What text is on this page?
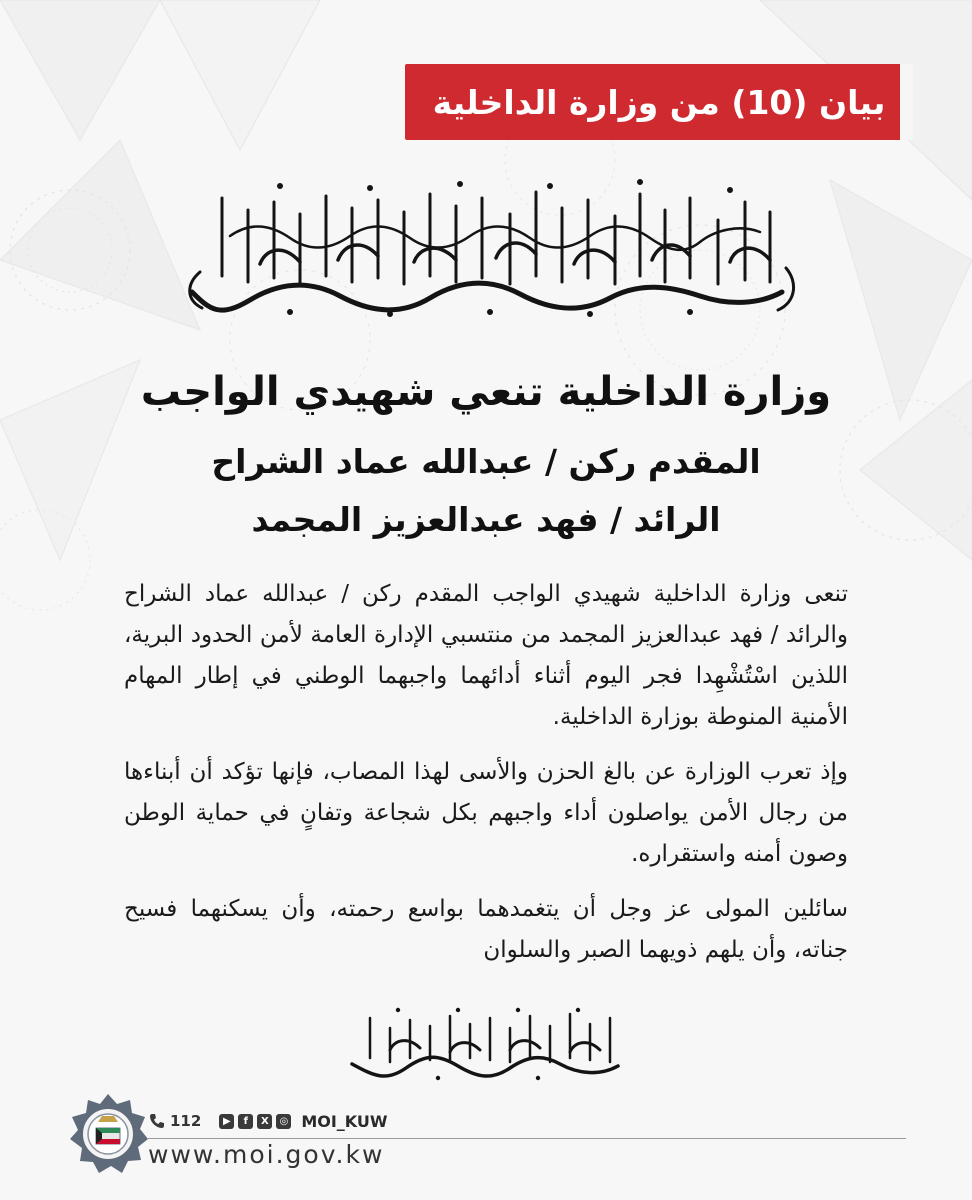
بيان (10) من وزارة الداخلية
وزارة الداخلية تنعي شهيدي الواجب
المقدم ركن / عبدالله عماد الشراح
الرائد / فهد عبدالعزيز المجمد

تنعى وزارة الداخلية شهيدي الواجب المقدم ركن / عبدالله عماد الشراح والرائد / فهد عبدالعزيز المجمد من منتسبي الإدارة العامة لأمن الحدود البرية، اللذين اسْتُشْهِدا فجر اليوم أثناء أدائهما واجبهما الوطني في إطار المهام الأمنية المنوطة بوزارة الداخلية.

وإذ تعرب الوزارة عن بالغ الحزن والأسى لهذا المصاب، فإنها تؤكد أن أبناءها من رجال الأمن يواصلون أداء واجبهم بكل شجاعة وتفانٍ في حماية الوطن وصون أمنه واستقراره.

سائلين المولى عز وجل أن يتغمدهما بواسع رحمته، وأن يسكنهما فسيح جناته، وأن يلهم ذويهما الصبر والسلوان

112	▶	f	X	◎ MOI_KUW
www.moi.gov.kw
